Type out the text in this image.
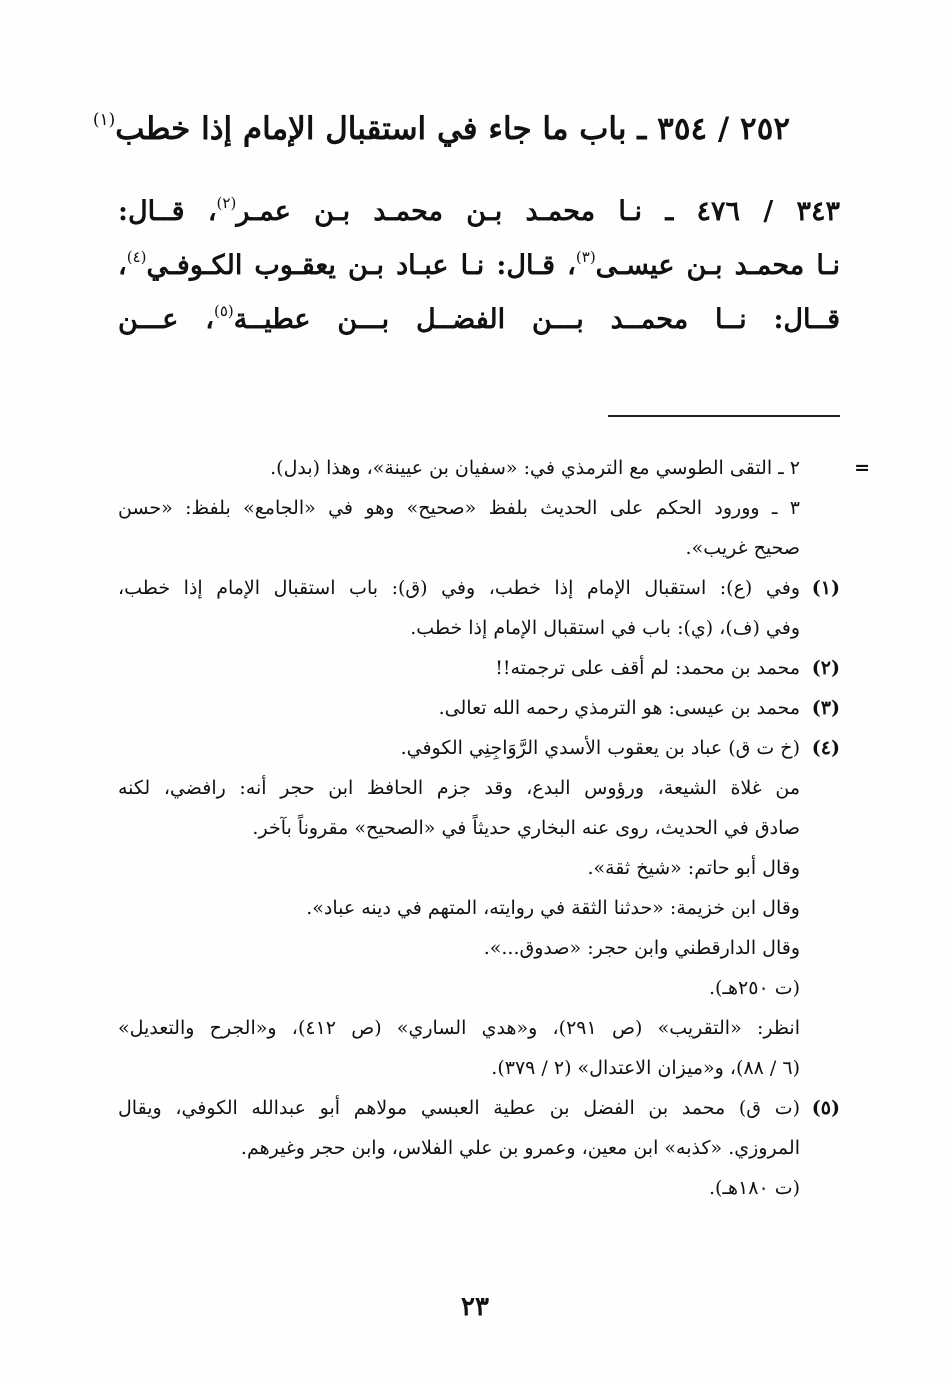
٢٥٢ / ٣٥٤ ـ باب ما جاء في استقبال الإمام إذا خطب$^{(١)}$
٣٤٣ / ٤٧٦ ـ نـا محمـد بـن محمـد بـن عمـر$^{(٢)}$، قــال:
نـا محمـد بـن عيسـى$^{(٣)}$، قـال: نـا عبـاد بـن يعقـوب الكـوفـي$^{(٤)}$،
قــال: نــا محمــد بـــن الفضــل بـــن عطيــة$^{(٥)}$، عـــن
=
٢ ـ التقى الطوسي مع الترمذي في: «سفيان بن عيينة»، وهذا (بدل).
٣ ـ وورود الحكم على الحديث بلفظ «صحيح» وهو في «الجامع» بلفظ: «حسن
صحيح غريب».
(١)
وفي (ع): استقبال الإمام إذا خطب، وفي (ق): باب استقبال الإمام إذا خطب،
وفي (ف)، (ي): باب في استقبال الإمام إذا خطب.
(٢)
محمد بن محمد: لم أقف على ترجمته!!
(٣)
محمد بن عيسى: هو الترمذي رحمه الله تعالى.
(٤)
(خ ت ق) عباد بن يعقوب الأسدي الرَّوَاجِنِي الكوفي.
من غلاة الشيعة، ورؤوس البدع، وقد جزم الحافظ ابن حجر أنه: رافضي، لكنه
صادق في الحديث، روى عنه البخاري حديثاً في «الصحيح» مقروناً بآخر.
وقال أبو حاتم: «شيخ ثقة».
وقال ابن خزيمة: «حدثنا الثقة في روايته، المتهم في دينه عباد».
وقال الدارقطني وابن حجر: «صدوق...».
(ت ٢٥٠هـ).
انظر: «التقريب» (ص ٢٩١)، و«هدي الساري» (ص ٤١٢)، و«الجرح والتعديل»
(٦ / ٨٨)، و«ميزان الاعتدال» (٢ / ٣٧٩).
(٥)
(ت ق) محمد بن الفضل بن عطية العبسي مولاهم أبو عبدالله الكوفي، ويقال
المروزي. «كذبه» ابن معين، وعمرو بن علي الفلاس، وابن حجر وغيرهم.
(ت ١٨٠هـ).
٢٣
